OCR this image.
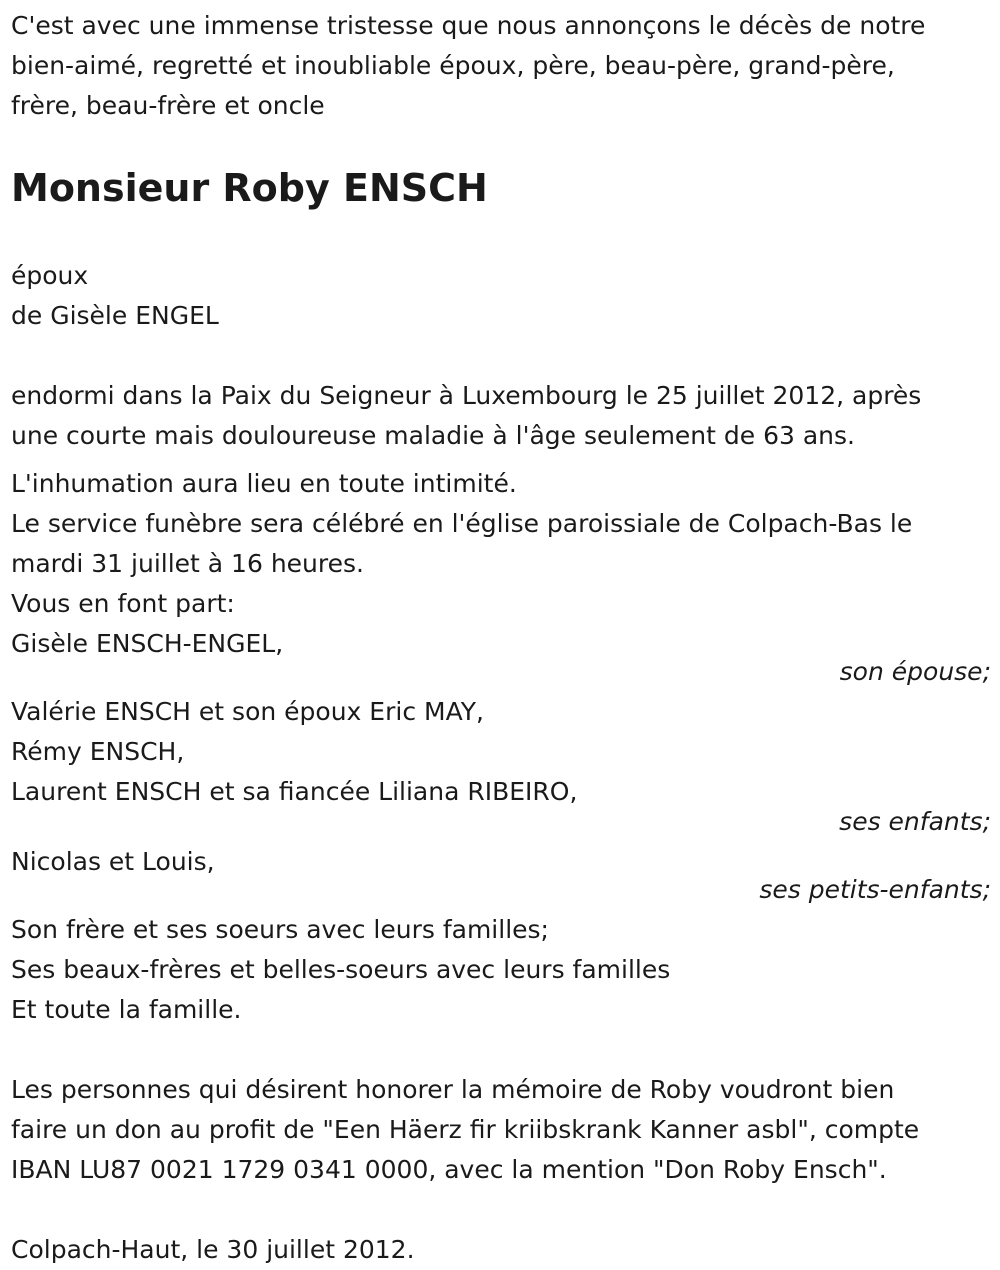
C'est avec une immense tristesse que nous annonçons le décès de notre

bien-aimé, regretté et inoubliable époux, père, beau-père, grand-père,

frère, beau-frère et oncle

Monsieur Roby ENSCH

époux

de Gisèle ENGEL

endormi dans la Paix du Seigneur à Luxembourg le 25 juillet 2012, après

une courte mais douloureuse maladie à l'âge seulement de 63 ans.

L'inhumation aura lieu en toute intimité.

Le service funèbre sera célébré en l'église paroissiale de Colpach-Bas le

mardi 31 juillet à 16 heures.

Vous en font part:

Gisèle ENSCH-ENGEL,

son épouse;

Valérie ENSCH et son époux Eric MAY,

Rémy ENSCH,

Laurent ENSCH et sa fiancée Liliana RIBEIRO,

ses enfants;

Nicolas et Louis,

ses petits-enfants;

Son frère et ses soeurs avec leurs familles;

Ses beaux-frères et belles-soeurs avec leurs familles

Et toute la famille.

Les personnes qui désirent honorer la mémoire de Roby voudront bien

faire un don au profit de "Een Häerz fir kriibskrank Kanner asbl", compte

IBAN LU87 0021 1729 0341 0000, avec la mention "Don Roby Ensch".

Colpach-Haut, le 30 juillet 2012.
